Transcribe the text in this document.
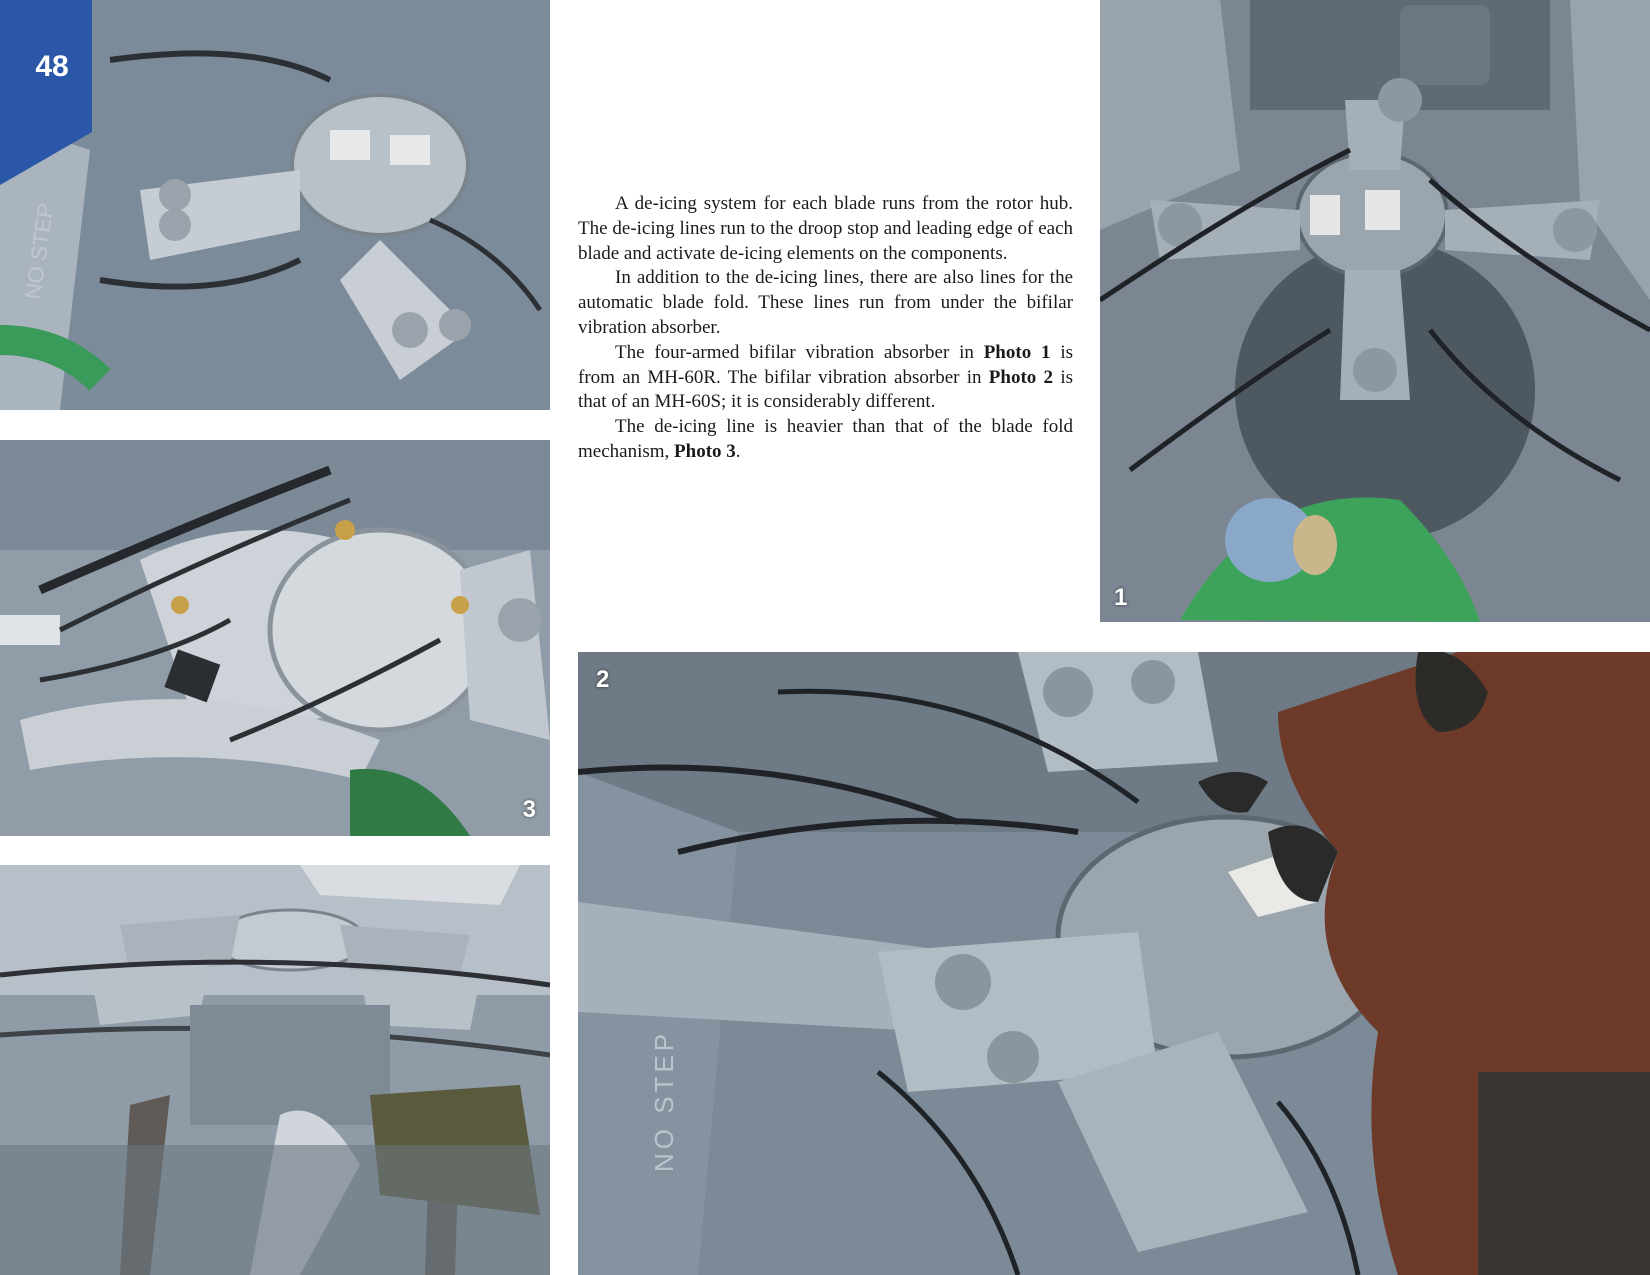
NO STEP
48
3

A de-icing system for each blade runs from the rotor hub. The de-icing lines run to the droop stop and leading edge of each blade and activate de-icing elements on the components.

In addition to the de-icing lines, there are also lines for the automatic blade fold. These lines run from under the bifilar vibration absorber.

The four-armed bifilar vibration absorber in Photo 1 is from an MH-60R. The bifilar vibration absorber in Photo 2 is that of an MH-60S; it is considerably different.

The de-icing line is heavier than that of the blade fold mechanism, Photo 3.

1
NO STEP
2
